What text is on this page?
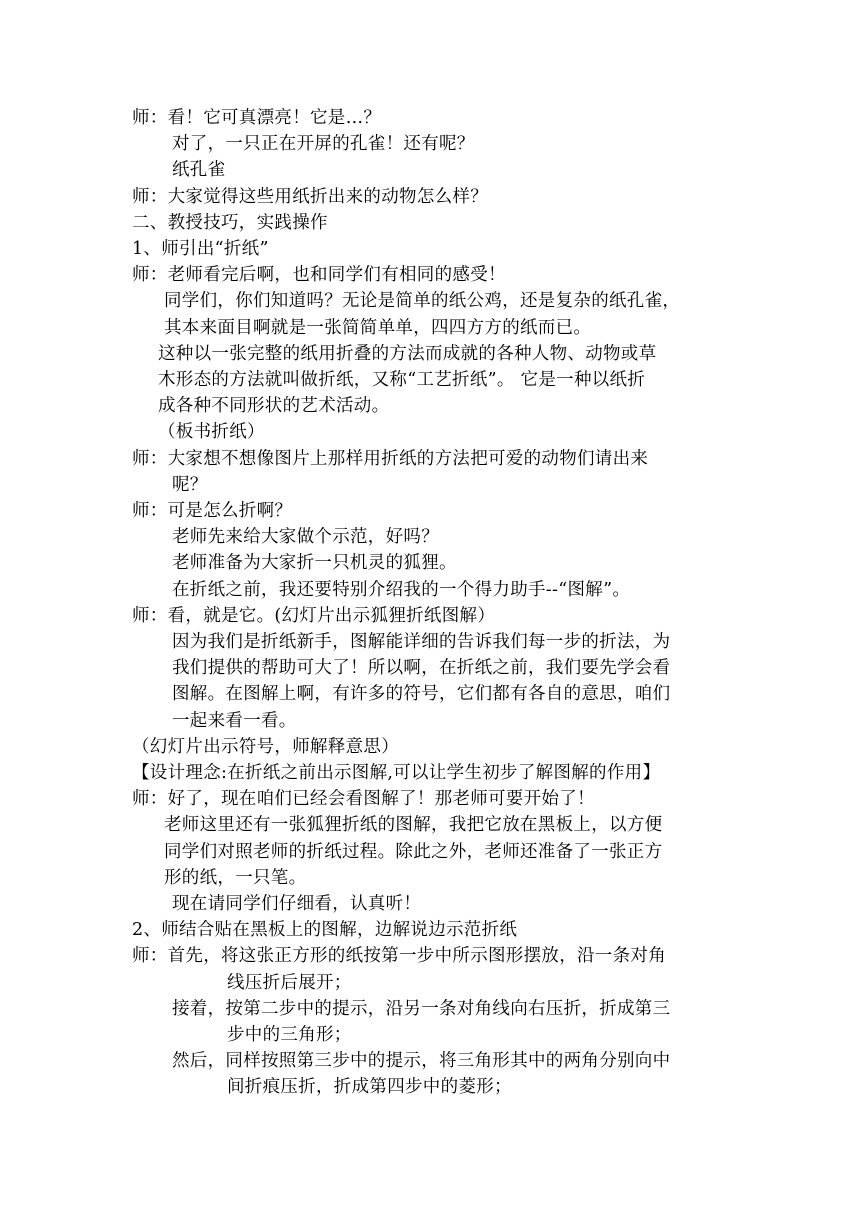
师：看！它可真漂亮！它是…？
对了，一只正在开屏的孔雀！还有呢？
纸孔雀
师：大家觉得这些用纸折出来的动物怎么样？
二、教授技巧，实践操作
1、师引出“折纸”
师：老师看完后啊，也和同学们有相同的感受！
同学们，你们知道吗？无论是简单的纸公鸡，还是复杂的纸孔雀，
其本来面目啊就是一张简简单单，四四方方的纸而已。
这种以一张完整的纸用折叠的方法而成就的各种人物、动物或草
木形态的方法就叫做折纸，又称“工艺折纸”。 它是一种以纸折
成各种不同形状的艺术活动。
（板书折纸）
师：大家想不想像图片上那样用折纸的方法把可爱的动物们请出来
呢？
师：可是怎么折啊？
老师先来给大家做个示范，好吗？
老师准备为大家折一只机灵的狐狸。
在折纸之前，我还要特别介绍我的一个得力助手--“图解”。
师：看，就是它。(幻灯片出示狐狸折纸图解）
因为我们是折纸新手，图解能详细的告诉我们每一步的折法，为
我们提供的帮助可大了！所以啊，在折纸之前，我们要先学会看
图解。在图解上啊，有许多的符号，它们都有各自的意思，咱们
一起来看一看。
（幻灯片出示符号，师解释意思）
【设计理念:在折纸之前出示图解,可以让学生初步了解图解的作用】
师：好了，现在咱们已经会看图解了！那老师可要开始了！
老师这里还有一张狐狸折纸的图解，我把它放在黑板上，以方便
同学们对照老师的折纸过程。除此之外，老师还准备了一张正方
形的纸，一只笔。
现在请同学们仔细看，认真听！
2、师结合贴在黑板上的图解，边解说边示范折纸
师：首先，将这张正方形的纸按第一步中所示图形摆放，沿一条对角
线压折后展开；
接着，按第二步中的提示，沿另一条对角线向右压折，折成第三
步中的三角形；
然后，同样按照第三步中的提示，将三角形其中的两角分别向中
间折痕压折，折成第四步中的菱形；
